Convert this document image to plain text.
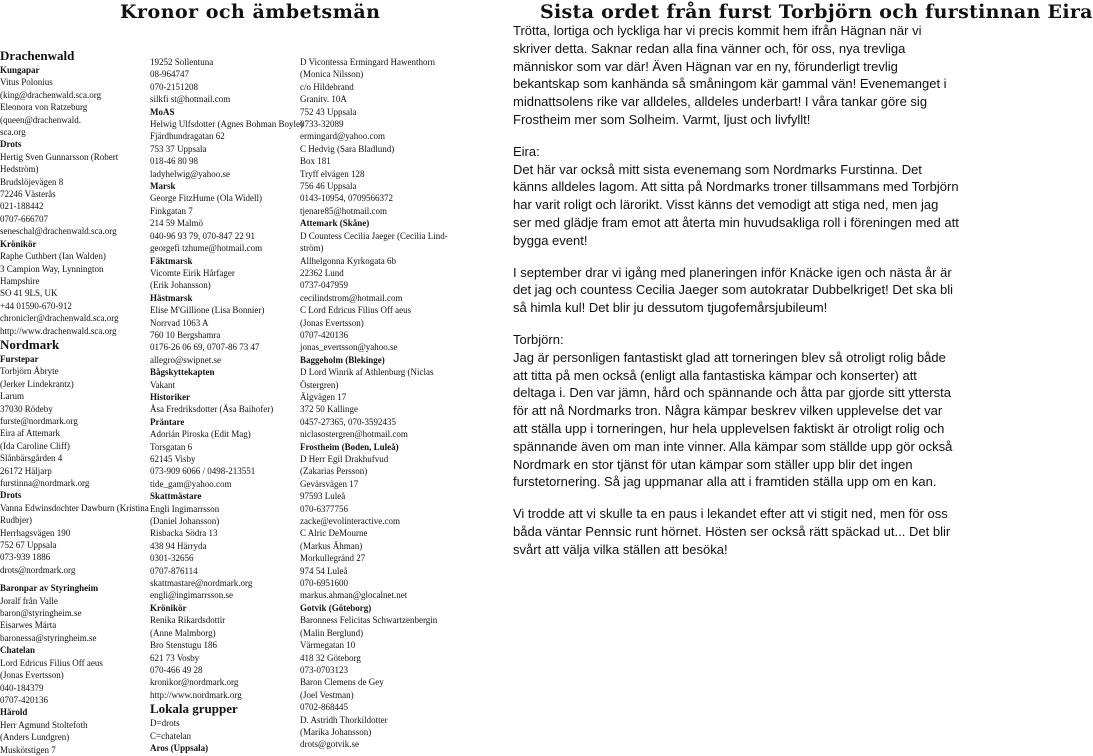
Kronor och ämbetsmän	Sista ordet från furst Torbjörn och furstinnan Eira
Drachenwald
Kungapar
Vitus Polonius
(king@drachenwald.sca.org
Eleonora von Ratzeburg
(queen@drachenwald.
sca.org
Drots
Hertig Sven Gunnarsson (Robert
Hedström)
Brudslöjevägen 8
72246 Västerås
021-188442
0707-666707
seneschal@drachenwald.sca.org
Krönikör
Raphe Cuthbert (Ian Walden)
3 Campion Way, Lynnington
Hampshire
SO 41 9LS, UK
+44 01590-670-912
chronicler@drachenwald.sca.org
http://www.drachenwald.sca.org
Nordmark
Furstepar
Torbjörn Åbryte
(Jerker Lindekrantz)
Larum
37030 Rödeby
furste@nordmark.org
Eira af Attemark
(Ida Caroline Cliff)
Slånbärsgården 4
26172 Häljarp
furstinna@nordmark.org
Drots
Vanna Edwinsdochter Dawburn (Kristina
Rudbjer)
Herrhagsvägen 190
752 67 Uppsala
073-939 1886
drots@nordmark.org
Baronpar av Styringheim
Joralf från Valle
baron@styringheim.se
Eisarwes Märta
baronessa@styringheim.se
Chatelan
Lord Edricus Filius Off aeus
(Jonas Evertsson)
040-184379
0707-420136
Härold
Herr Agmund Stoltefoth
(Anders Lundgren)
Muskötstigen 7
19252 Sollentuna
08-964747
070-2151208
silkfi st@hotmail.com
MoAS
Helwig Ulfsdotter (Agnes Bohman Boyle)
Fjärdhundragatan 62
753 37 Uppsala
018-46 80 98
ladyhelwig@yahoo.se
Marsk
George FitzHume (Ola Widell)
Finkgatan 7
214 59 Malmö
040-96 93 79, 070-847 22 91
georgefi tzhume@hotmail.com
Fäktmarsk
Vicomte Eirik Hårfager
(Erik Johansson)
Hästmarsk
Elise M'Gillione (Lisa Bonnier)
Norrvad 1063 A
760 10 Bergshamra
0176-26 06 69, 0707-86 73 47
allegro@swipnet.se
Bågskyttekapten
Vakant
Historiker
Åsa Fredriksdotter (Åsa Baihofer)
Präntare
Adorián Piroska (Edit Mag)
Torsgatan 6
62145 Visby
073-909 6066 / 0498-213551
tide_gam@yahoo.com
Skattmästare
Engli Ingimarrsson
(Daniel Johansson)
Risbacka Södra 13
438 94 Härryda
0301-32656
0707-876114
skattmastare@nordmark.org
engli@ingimarrsson.se
Krönikör
Renika Rikardsdottir
(Anne Malmborg)
Bro Stenstugu 186
621 73 Vosby
070-466 49 28
kronikor@nordmark.org
http://www.nordmark.org
Lokala grupper
D=drots
C=chatelan
Aros (Uppsala)
D Vicontessa Ermingard Hawenthorn
(Monica Nilsson)
c/o Hildebrand
Granitv. 10A
752 43 Uppsala
0733-32089
ermingard@yahoo.com
C Hedvig (Sara Bladlund)
Box 181
Tryff elvägen 128
756 46 Uppsala
0143-10954, 0709566372
tjenare85@hotmail.com
Attemark (Skåne)
D Countess Cecilia Jaeger (Cecilia Lind-
ström)
Allhelgonna Kyrkogata 6b
22362 Lund
0737-047959
cecilindstrom@hotmail.com
C Lord Edricus Filius Off aeus
(Jonas Evertsson)
0707-420136
jonas_evertsson@yahoo.se
Baggeholm (Blekinge)
D Lord Winrik af Athlenburg (Niclas
Östergren)
Älgvägen 17
372 50 Kallinge
0457-27365, 070-3592435
niclasostergren@hotmail.com
Frostheim (Boden, Luleå)
D Herr Egil Drakhufvud
(Zakarias Persson)
Gevärsvägen 17
97593 Luleå
070-6377756
zacke@evolinteractive.com
C Alric DeMourne
(Markus Ähman)
Morkullegränd 27
974 54 Luleå
070-6951600
markus.ahman@glocalnet.net
Gotvik (Göteborg)
Baronness Felicitas Schwartzenbergin
(Malin Berglund)
Värmegatan 10
418 32 Göteborg
073-0703123
Baron Clemens de Gey
(Joel Vestman)
0702-868445
D. Astridh Thorkildotter
(Marika Johansson)
drots@gotvik.se

Trötta, lortiga och lyckliga har vi precis kommit hem ifrån Hägnan när vi skriver detta. Saknar redan alla fina vänner och, för oss, nya trevliga människor som var där! Även Hägnan var en ny, förunderligt trevlig bekantskap som kanhända så småningom kär gammal vän! Evenemanget i midnattsolens rike var alldeles, alldeles underbart! I våra tankar göre sig Frostheim mer som Solheim. Varmt, ljust och livfyllt!

Eira:
Det här var också mitt sista evenemang som Nordmarks Furstinna. Det känns alldeles lagom. Att sitta på Nordmarks troner tillsammans med Torbjörn har varit roligt och lärorikt. Visst känns det vemodigt att stiga ned, men jag ser med glädje fram emot att återta min huvudsakliga roll i föreningen med att bygga event!

I september drar vi igång med planeringen inför Knäcke igen och nästa år är det jag och countess Cecilia Jaeger som autokratar Dubbelkriget! Det ska bli så himla kul! Det blir ju dessutom tjugofemårsjubileum!

Torbjörn:
Jag är personligen fantastiskt glad att torneringen blev så otroligt rolig både att titta på men också (enligt alla fantastiska kämpar och konserter) att deltaga i. Den var jämn, hård och spännande och åtta par gjorde sitt yttersta för att nå Nordmarks tron. Några kämpar beskrev vilken upplevelse det var att ställa upp i torneringen, hur hela upplevelsen faktiskt är otroligt rolig och spännande även om man inte vinner. Alla kämpar som ställde upp gör också Nordmark en stor tjänst för utan kämpar som ställer upp blir det ingen furstetornering. Så jag uppmanar alla att i framtiden ställa upp om en kan.

Vi trodde att vi skulle ta en paus i lekandet efter att vi stigit ned, men för oss båda väntar Pennsic runt hörnet. Hösten ser också rätt späckad ut... Det blir svårt att välja vilka ställen att besöka!
